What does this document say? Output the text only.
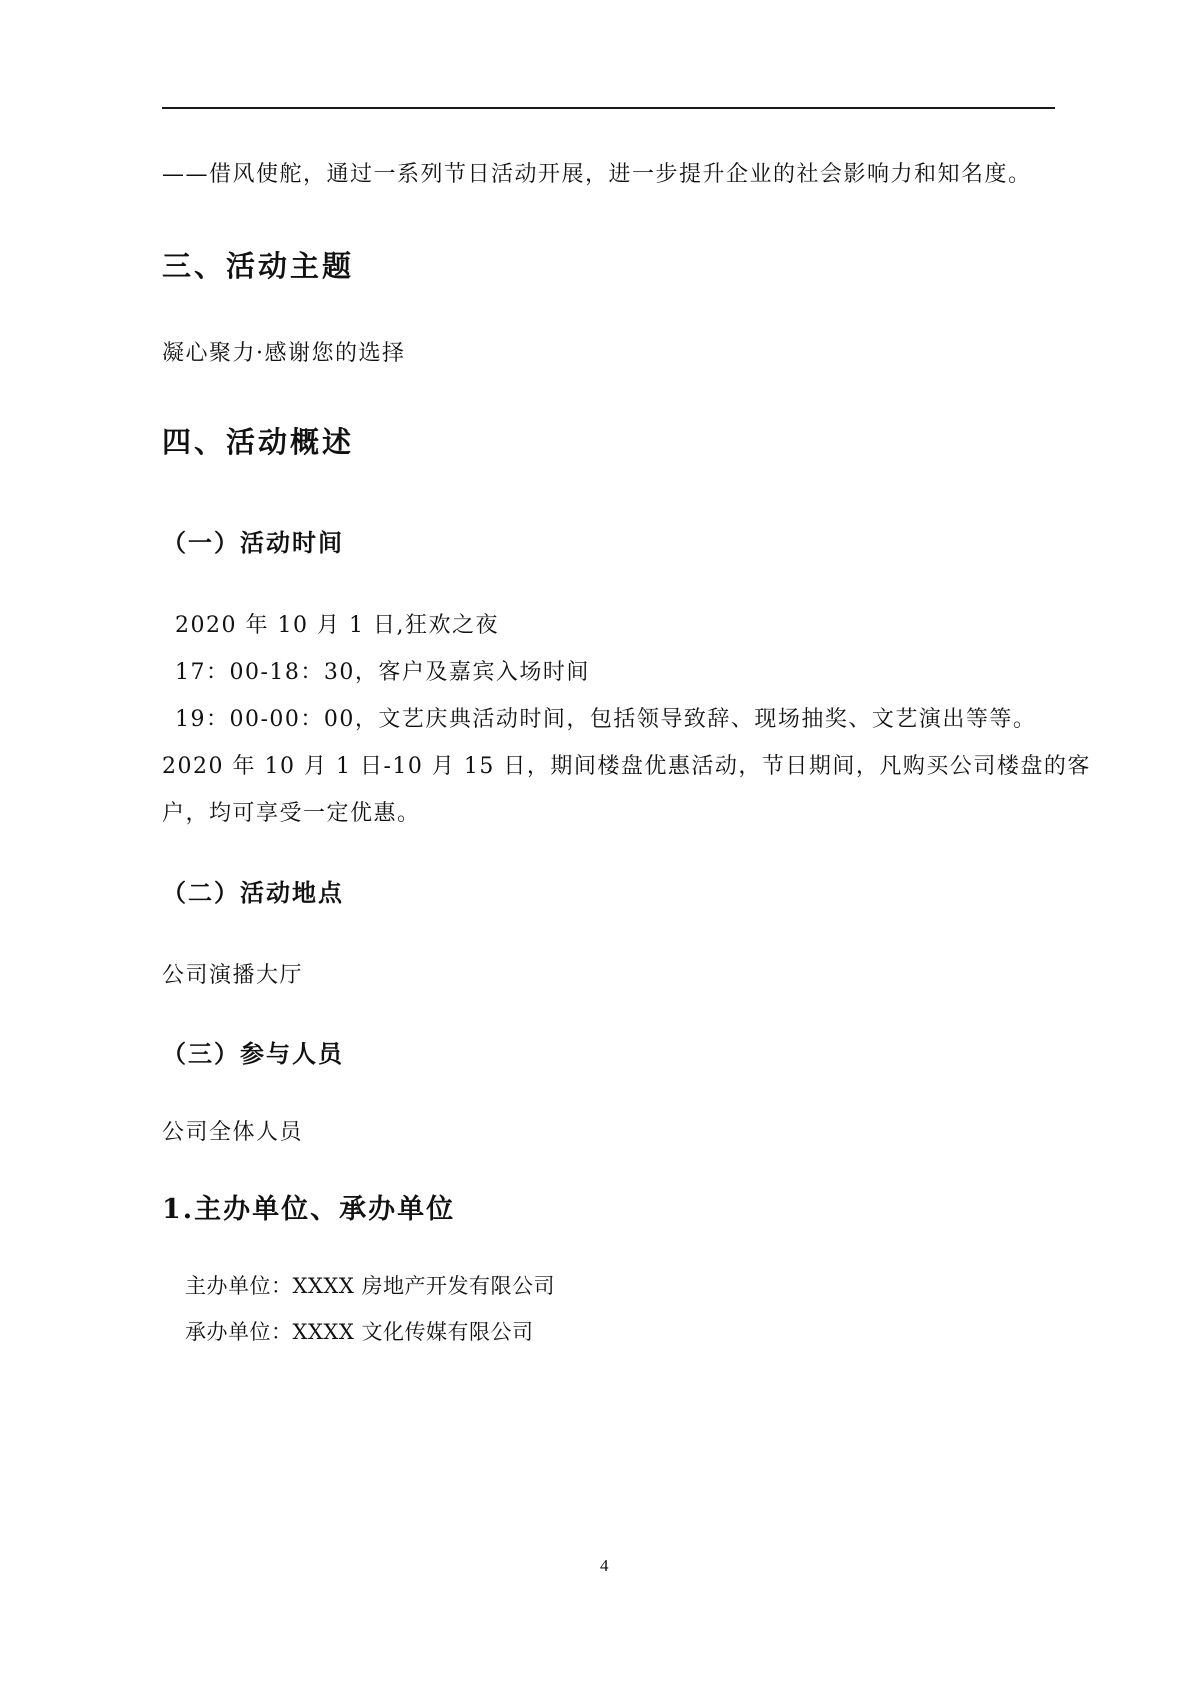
——借风使舵，通过一系列节日活动开展，进一步提升企业的社会影响力和知名度。

三、活动主题

凝心聚力·感谢您的选择

四、活动概述
（一）活动时间

2020 年 10 月 1 日,狂欢之夜

17：00-18：30，客户及嘉宾入场时间

19：00-00：00，文艺庆典活动时间，包括领导致辞、现场抽奖、文艺演出等等。

2020 年 10 月 1 日-10 月 15 日，期间楼盘优惠活动，节日期间，凡购买公司楼盘的客

户，均可享受一定优惠。

（二）活动地点

公司演播大厅

（三）参与人员

公司全体人员

1.主办单位、承办单位

主办单位：XXXX 房地产开发有限公司

承办单位：XXXX 文化传媒有限公司

4
